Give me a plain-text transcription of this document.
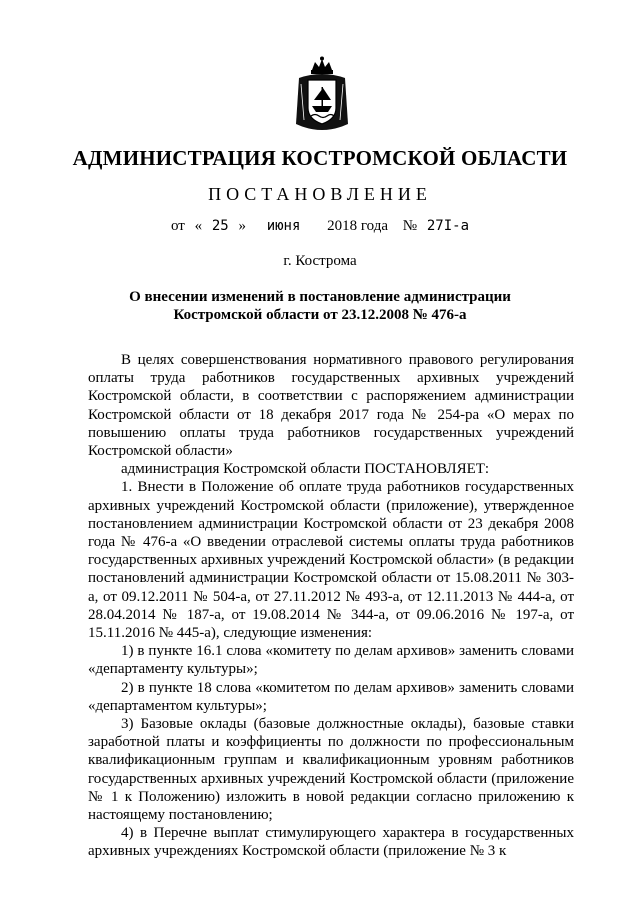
АДМИНИСТРАЦИЯ КОСТРОМСКОЙ ОБЛАСТИ
ПОСТАНОВЛЕНИЕ
от « 25 » июня 2018 года № 27I-а
г. Кострома
О внесении изменений в постановление администрации
Костромской области от 23.12.2008 № 476-а

В целях совершенствования нормативного правового регулирования оплаты труда работников государственных архивных учреждений Костромской области, в соответствии с распоряжением администрации Костромской области от 18 декабря 2017 года № 254-ра «О мерах по повышению оплаты труда работников государственных учреждений Костромской области»

администрация Костромской области ПОСТАНОВЛЯЕТ:

1. Внести в Положение об оплате труда работников государственных архивных учреждений Костромской области (приложение), утвержденное постановлением администрации Костромской области от 23 декабря 2008 года № 476-а «О введении отраслевой системы оплаты труда работников государственных архивных учреждений Костромской области» (в редакции постановлений администрации Костромской области от 15.08.2011 № 303-а, от 09.12.2011 № 504-а, от 27.11.2012 № 493-а, от 12.11.2013 № 444-а, от 28.04.2014 № 187-а, от 19.08.2014 № 344-а, от 09.06.2016 № 197-а, от 15.11.2016 № 445-а), следующие изменения:

1) в пункте 16.1 слова «комитету по делам архивов» заменить словами «департаменту культуры»;

2) в пункте 18 слова «комитетом по делам архивов» заменить словами «департаментом культуры»;

3) Базовые оклады (базовые должностные оклады), базовые ставки заработной платы и коэффициенты по должности по профессиональным квалификационным группам и квалификационным уровням работников государственных архивных учреждений Костромской области (приложение № 1 к Положению) изложить в новой редакции согласно приложению к настоящему постановлению;

4) в Перечне выплат стимулирующего характера в государственных архивных учреждениях Костромской области (приложение № 3 к
